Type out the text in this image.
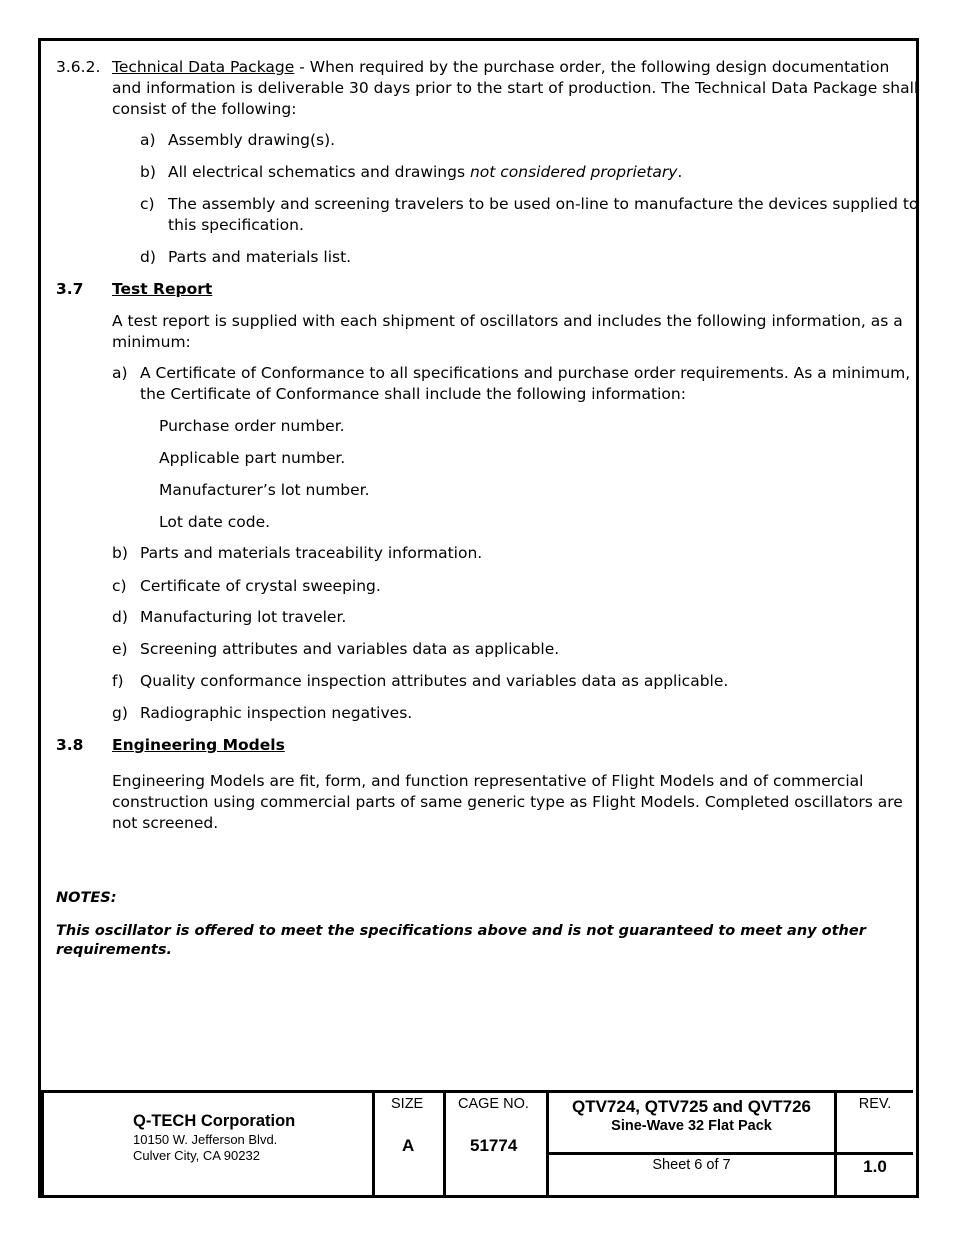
3.6.2. Technical Data Package - When required by the purchase order, the following design documentation
and information is deliverable 30 days prior to the start of production. The Technical Data Package shall
consist of the following:
a) Assembly drawing(s).
b) All electrical schematics and drawings not considered proprietary.
c) The assembly and screening travelers to be used on-line to manufacture the devices supplied to
this specification.
d) Parts and materials list.
3.7 Test Report
A test report is supplied with each shipment of oscillators and includes the following information, as a
minimum:
a) A Certificate of Conformance to all specifications and purchase order requirements. As a minimum,
the Certificate of Conformance shall include the following information:
Purchase order number.
Applicable part number.
Manufacturer’s lot number.
Lot date code.
b) Parts and materials traceability information.
c) Certificate of crystal sweeping.
d) Manufacturing lot traveler.
e) Screening attributes and variables data as applicable.
f) Quality conformance inspection attributes and variables data as applicable.
g) Radiographic inspection negatives.
3.8 Engineering Models
Engineering Models are fit, form, and function representative of Flight Models and of commercial
construction using commercial parts of same generic type as Flight Models. Completed oscillators are
not screened.
NOTES:
This oscillator is offered to meet the specifications above and is not guaranteed to meet any other
requirements.
Q-TECH Corporation
10150 W. Jefferson Blvd.
Culver City, CA 90232
SIZE
A
CAGE NO.
51774
QTV724, QTV725 and QVT726
Sine-Wave 32 Flat Pack
Sheet 6 of 7
REV.
1.0
